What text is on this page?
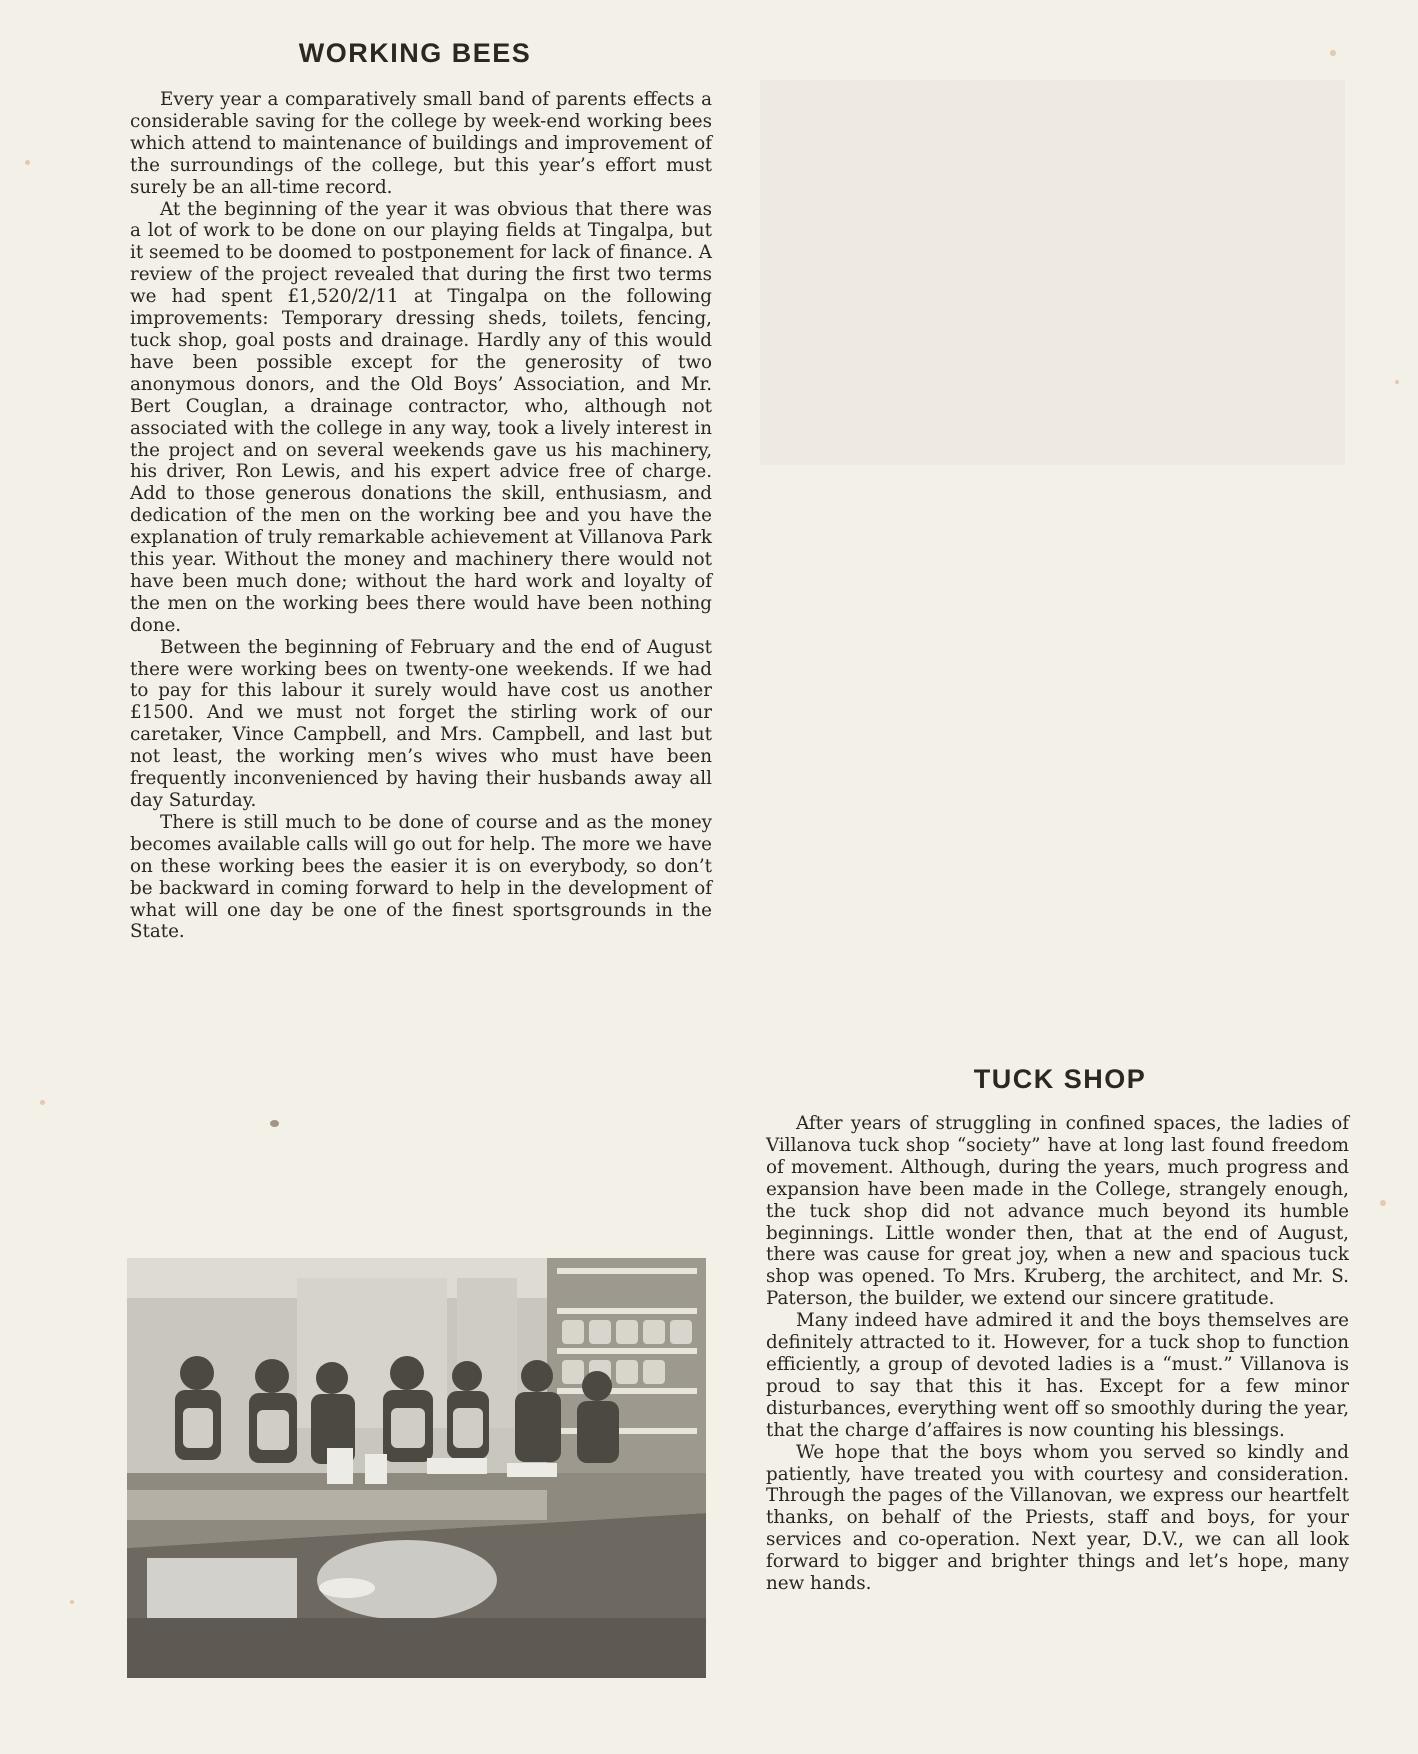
WORKING BEES

Every year a comparatively small band of parents effects a considerable saving for the college by week-end working bees which attend to maintenance of buildings and improvement of the surroundings of the college, but this year’s effort must surely be an all-time record.

At the beginning of the year it was obvious that there was a lot of work to be done on our playing fields at Tingalpa, but it seemed to be doomed to postponement for lack of finance. A review of the project revealed that during the first two terms we had spent £1,520/2/11 at Tingalpa on the following improvements: Temporary dressing sheds, toilets, fencing, tuck shop, goal posts and drainage. Hardly any of this would have been possible except for the generosity of two anonymous donors, and the Old Boys’ Association, and Mr. Bert Couglan, a drainage contractor, who, although not associated with the college in any way, took a lively interest in the project and on several weekends gave us his machinery, his driver, Ron Lewis, and his expert advice free of charge. Add to those generous donations the skill, enthusiasm, and dedication of the men on the working bee and you have the explanation of truly remarkable achievement at Villanova Park this year. Without the money and machinery there would not have been much done; without the hard work and loyalty of the men on the working bees there would have been nothing done.

Between the beginning of February and the end of August there were working bees on twenty-one weekends. If we had to pay for this labour it surely would have cost us another £1500. And we must not forget the stirling work of our caretaker, Vince Campbell, and Mrs. Campbell, and last but not least, the working men’s wives who must have been frequently inconvenienced by having their husbands away all day Saturday.

There is still much to be done of course and as the money becomes available calls will go out for help. The more we have on these working bees the easier it is on everybody, so don’t be backward in coming forward to help in the development of what will one day be one of the finest sportsgrounds in the State.

TUCK SHOP

After years of struggling in confined spaces, the ladies of Villanova tuck shop “society” have at long last found freedom of movement. Although, during the years, much progress and expansion have been made in the College, strangely enough, the tuck shop did not advance much beyond its humble beginnings. Little wonder then, that at the end of August, there was cause for great joy, when a new and spacious tuck shop was opened. To Mrs. Kruberg, the architect, and Mr. S. Paterson, the builder, we extend our sincere gratitude.

Many indeed have admired it and the boys themselves are definitely attracted to it. However, for a tuck shop to function efficiently, a group of devoted ladies is a “must.” Villanova is proud to say that this it has. Except for a few minor disturbances, everything went off so smoothly during the year, that the charge d’affaires is now counting his blessings.

We hope that the boys whom you served so kindly and patiently, have treated you with courtesy and consideration. Through the pages of the Villanovan, we express our heartfelt thanks, on behalf of the Priests, staff and boys, for your services and co-operation. Next year, D.V., we can all look forward to bigger and brighter things and let’s hope, many new hands.
